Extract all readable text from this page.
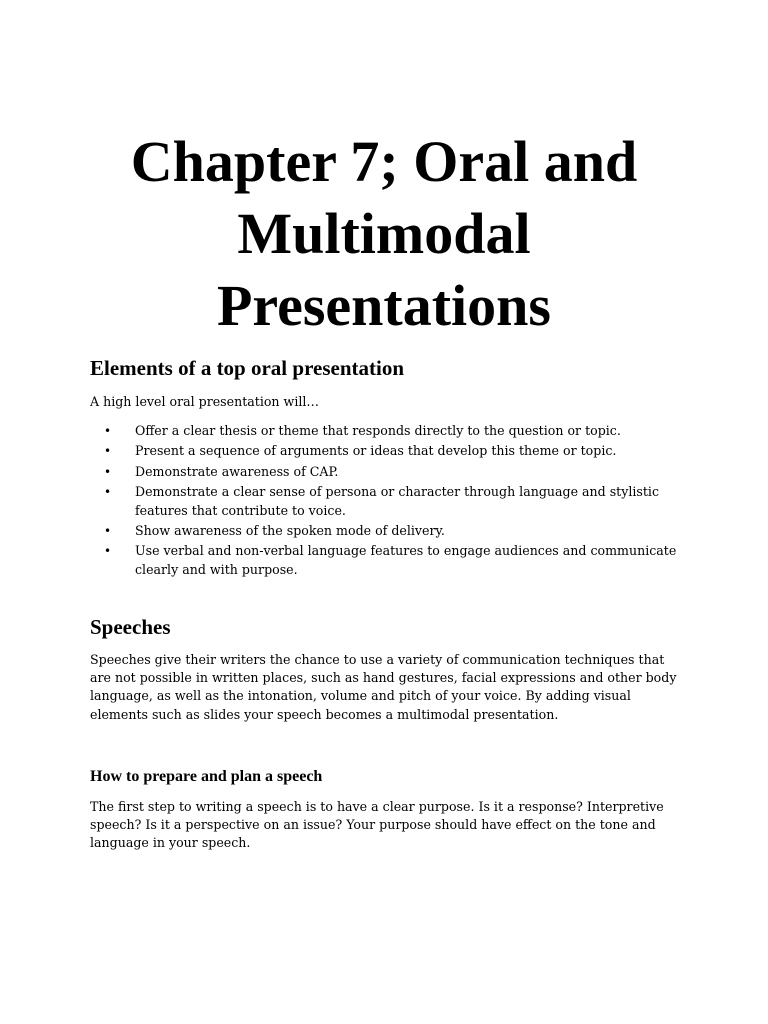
Chapter 7; Oral and Multimodal Presentations
Elements of a top oral presentation

A high level oral presentation will…

• Offer a clear thesis or theme that responds directly to the question or topic.
• Present a sequence of arguments or ideas that develop this theme or topic.
• Demonstrate awareness of CAP.
• Demonstrate a clear sense of persona or character through language and stylistic features that contribute to voice.
• Show awareness of the spoken mode of delivery.
• Use verbal and non-verbal language features to engage audiences and communicate clearly and with purpose.
Speeches

Speeches give their writers the chance to use a variety of communication techniques that are not possible in written places, such as hand gestures, facial expressions and other body language, as well as the intonation, volume and pitch of your voice. By adding visual elements such as slides your speech becomes a multimodal presentation.

How to prepare and plan a speech

The first step to writing a speech is to have a clear purpose. Is it a response? Interpretive speech? Is it a perspective on an issue? Your purpose should have effect on the tone and language in your speech.
